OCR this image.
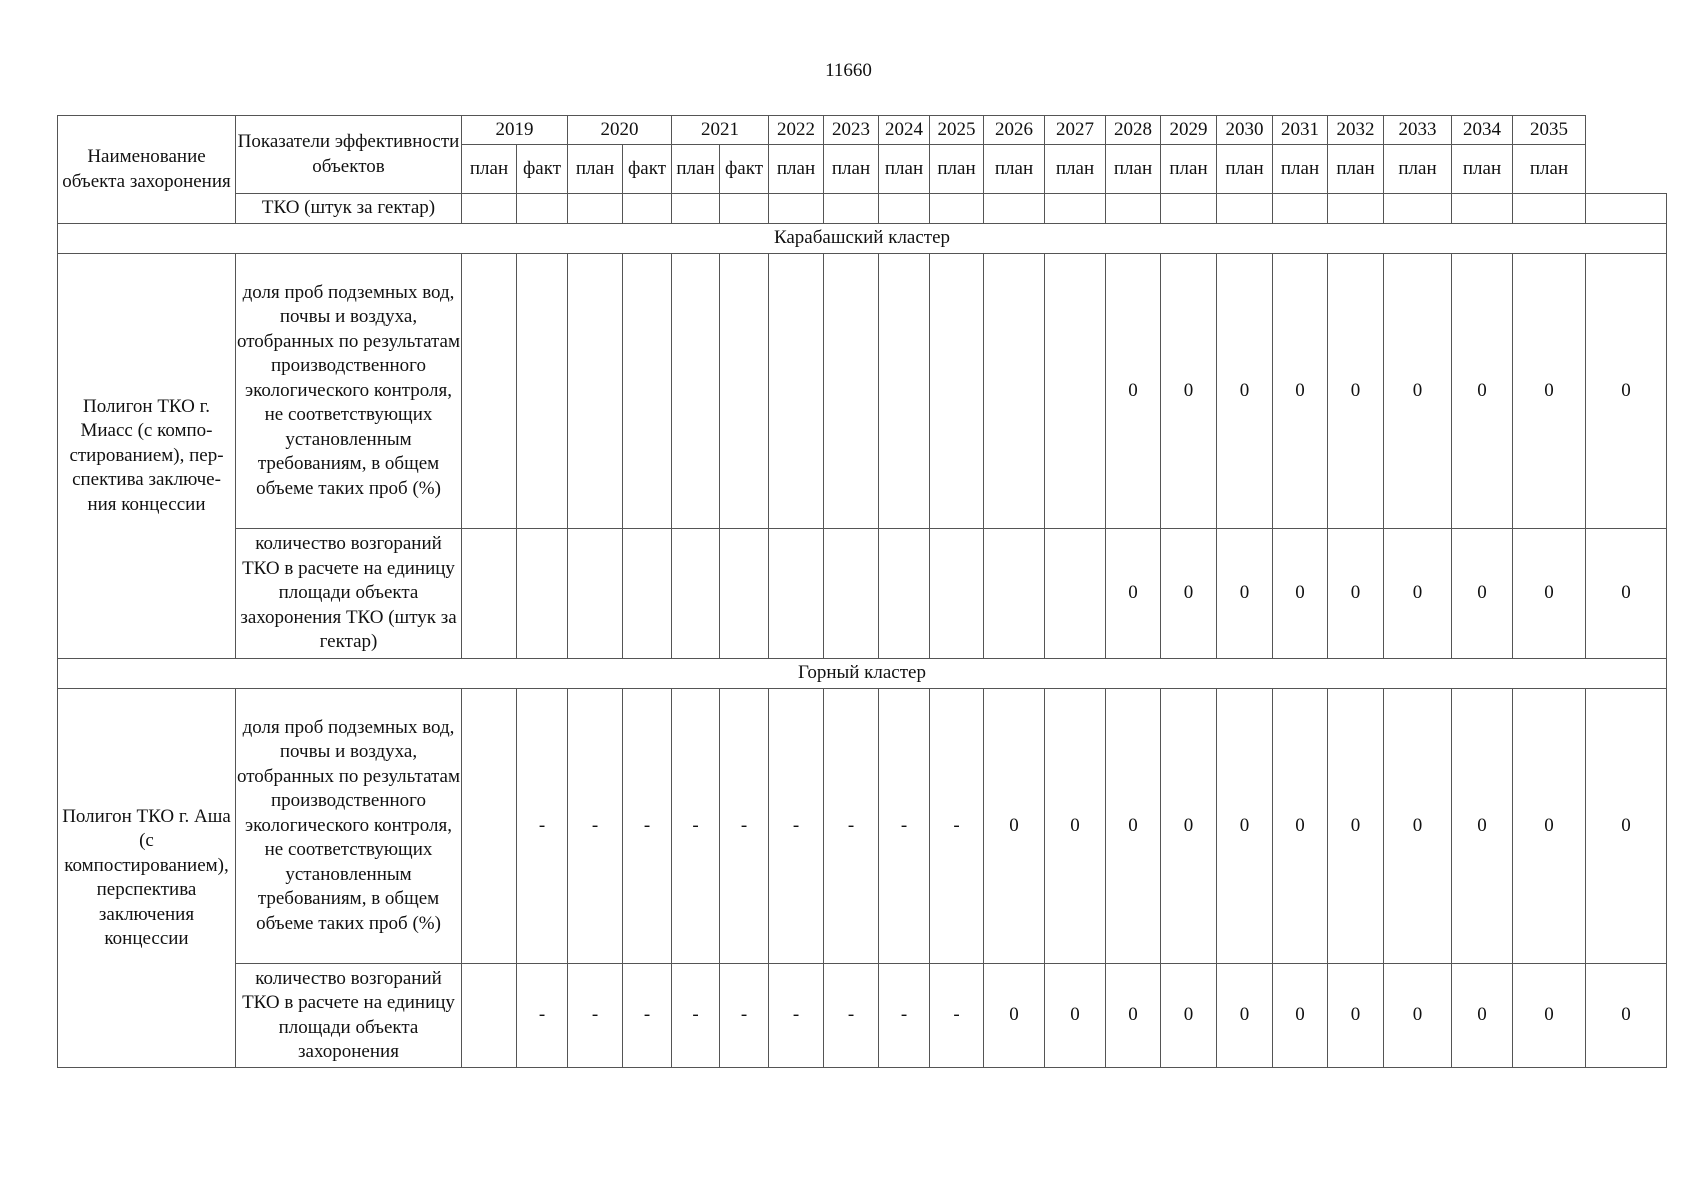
11660
Наименование объекта захоронения	Показатели эффективности объектов	2019		2020		2021		2022	2023	2024	2025	2026	2027	2028	2029	2030	2031	2032	2033	2034	2035	
		план	факт	план	факт	план	факт	план	план	план	план	план	план	план	план	план	план	план	план	план	план	
	ТКО (штук за гектар)																					
Карабашский кластер																						
Полигон ТКО г. Миасс (с компо-стированием), пер-спектива заключе-ния концессии	доля проб подземных вод, почвы и воздуха, отобранных по результатам производственного экологического контроля, не соответствующих установленным требованиям, в общем объеме таких проб (%)													0	0	0	0	0	0	0	0	0
	количество возгораний ТКО в расчете на единицу площади объекта захоронения ТКО (штук за гектар)													0	0	0	0	0	0	0	0	0
Горный кластер																						
Полигон ТКО г. Аша (с компостированием), перспектива заключения концессии	доля проб подземных вод, почвы и воздуха, отобранных по результатам производственного экологического контроля, не соответствующих установленным требованиям, в общем объеме таких проб (%)		-	-	-	-	-	-	-	-	-	0	0	0	0	0	0	0	0	0	0	0
	количество возгораний ТКО в расчете на единицу площади объекта захоронения		-	-	-	-	-	-	-	-	-	0	0	0	0	0	0	0	0	0	0	0
